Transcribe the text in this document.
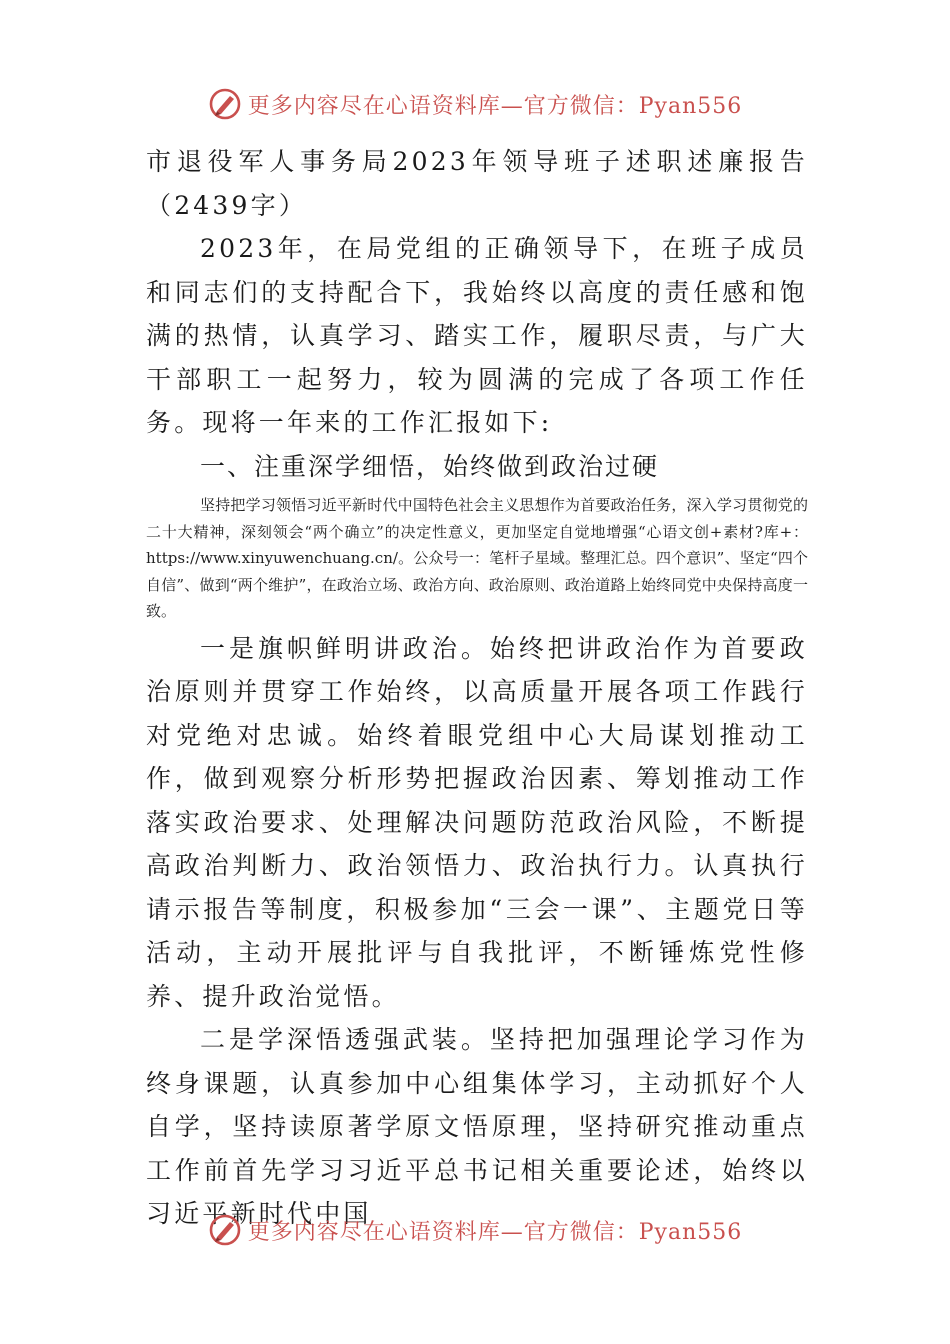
更多内容尽在心语资料库—官方微信：Pyan556

市退役军人事务局2023年领导班子述职述廉报告（2439字）

2023年，在局党组的正确领导下，在班子成员和同志们的支持配合下，我始终以高度的责任感和饱满的热情，认真学习、踏实工作，履职尽责，与广大干部职工一起努力，较为圆满的完成了各项工作任务。现将一年来的工作汇报如下:

一、注重深学细悟，始终做到政治过硬

坚持把学习领悟习近平新时代中国特色社会主义思想作为首要政治任务，深入学习贯彻党的二十大精神，深刻领会“两个确立”的决定性意义，更加坚定自觉地增强“心语文创+素材?库+：https://www.xinyuwenchuang.cn/。公众号一：笔杆子星域。整理汇总。四个意识”、坚定“四个自信”、做到“两个维护”，在政治立场、政治方向、政治原则、政治道路上始终同党中央保持高度一致。

一是旗帜鲜明讲政治。始终把讲政治作为首要政治原则并贯穿工作始终，以高质量开展各项工作践行对党绝对忠诚。始终着眼党组中心大局谋划推动工作，做到观察分析形势把握政治因素、筹划推动工作落实政治要求、处理解决问题防范政治风险，不断提高政治判断力、政治领悟力、政治执行力。认真执行请示报告等制度，积极参加“三会一课”、主题党日等活动，主动开展批评与自我批评，不断锤炼党性修养、提升政治觉悟。

二是学深悟透强武装。坚持把加强理论学习作为终身课题，认真参加中心组集体学习，主动抓好个人自学，坚持读原著学原文悟原理，坚持研究推动重点工作前首先学习习近平总书记相关重要论述，始终以习近平新时代中国

更多内容尽在心语资料库—官方微信：Pyan556
